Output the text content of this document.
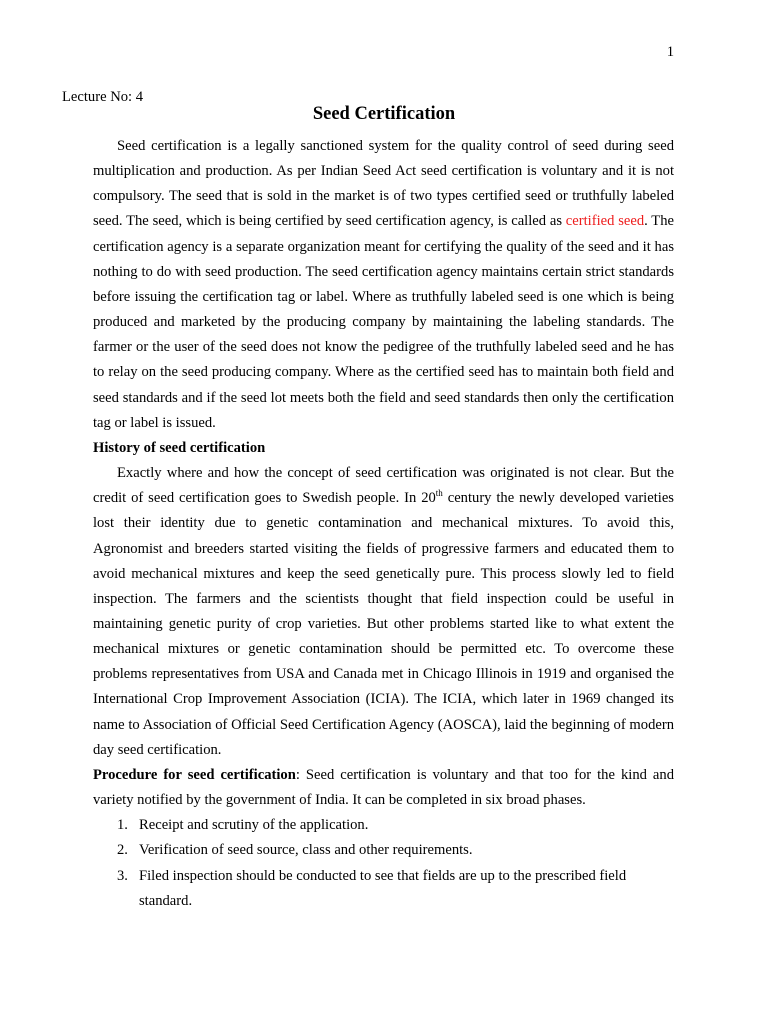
1
Lecture No: 4
Seed Certification

Seed certification is a legally sanctioned system for the quality control of seed during seed multiplication and production. As per Indian Seed Act seed certification is voluntary and it is not compulsory. The seed that is sold in the market is of two types certified seed or truthfully labeled seed. The seed, which is being certified by seed certification agency, is called as certified seed. The certification agency is a separate organization meant for certifying the quality of the seed and it has nothing to do with seed production. The seed certification agency maintains certain strict standards before issuing the certification tag or label. Where as truthfully labeled seed is one which is being produced and marketed by the producing company by maintaining the labeling standards. The farmer or the user of the seed does not know the pedigree of the truthfully labeled seed and he has to relay on the seed producing company. Where as the certified seed has to maintain both field and seed standards and if the seed lot meets both the field and seed standards then only the certification tag or label is issued.

History of seed certification

Exactly where and how the concept of seed certification was originated is not clear. But the credit of seed certification goes to Swedish people. In 20th century the newly developed varieties lost their identity due to genetic contamination and mechanical mixtures. To avoid this, Agronomist and breeders started visiting the fields of progressive farmers and educated them to avoid mechanical mixtures and keep the seed genetically pure. This process slowly led to field inspection. The farmers and the scientists thought that field inspection could be useful in maintaining genetic purity of crop varieties. But other problems started like to what extent the mechanical mixtures or genetic contamination should be permitted etc. To overcome these problems representatives from USA and Canada met in Chicago Illinois in 1919 and organised the International Crop Improvement Association (ICIA). The ICIA, which later in 1969 changed its name to Association of Official Seed Certification Agency (AOSCA), laid the beginning of modern day seed certification.

Procedure for seed certification: Seed certification is voluntary and that too for the kind and variety notified by the government of India. It can be completed in six broad phases.

1. Receipt and scrutiny of the application.
2. Verification of seed source, class and other requirements.
3. Filed inspection should be conducted to see that fields are up to the prescribed field standard.
